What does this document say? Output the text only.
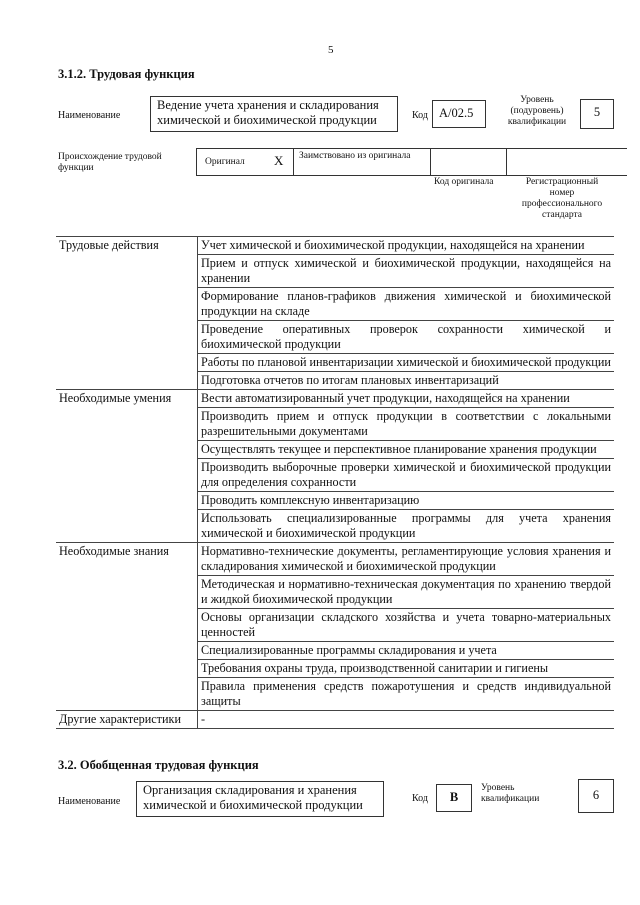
5
3.1.2. Трудовая функция
Наименование
Ведение учета хранения и складирования химической и биохимической продукции	Код А/02.5
Уровень (подуровень) квалификации
5
Происхождение трудовой функции
Оригинал Х Заимствовано из оригинала
Код оригинала	Регистрационный номер профессионального стандарта
Трудовые действия	Учет химической и биохимической продукции, находящейся на хранении
	Прием и отпуск химической и биохимической продукции, находящейся на хранении
	Формирование планов-графиков движения химической и биохимической продукции на складе
	Проведение оперативных проверок сохранности химической и биохимической продукции
	Работы по плановой инвентаризации химической и биохимической продукции
	Подготовка отчетов по итогам плановых инвентаризаций
Необходимые умения	Вести автоматизированный учет продукции, находящейся на хранении
	Производить прием и отпуск продукции в соответствии с локальными разрешительными документами
	Осуществлять текущее и перспективное планирование хранения продукции
	Производить выборочные проверки химической и биохимической продукции для определения сохранности
	Проводить комплексную инвентаризацию
	Использовать специализированные программы для учета хранения химической и биохимической продукции
Необходимые знания	Нормативно-технические документы, регламентирующие условия хранения и складирования химической и биохимической продукции
	Методическая и нормативно-техническая документация по хранению твердой и жидкой биохимической продукции
	Основы организации складского хозяйства и учета товарно-материальных ценностей
	Специализированные программы складирования и учета
	Требования охраны труда, производственной санитарии и гигиены
	Правила применения средств пожаротушения и средств индивидуальной защиты
Другие характеристики	-
3.2. Обобщенная трудовая функция
Наименование
Организация складирования и хранения химической и биохимической продукции	Код	В
Уровень квалификации	6
